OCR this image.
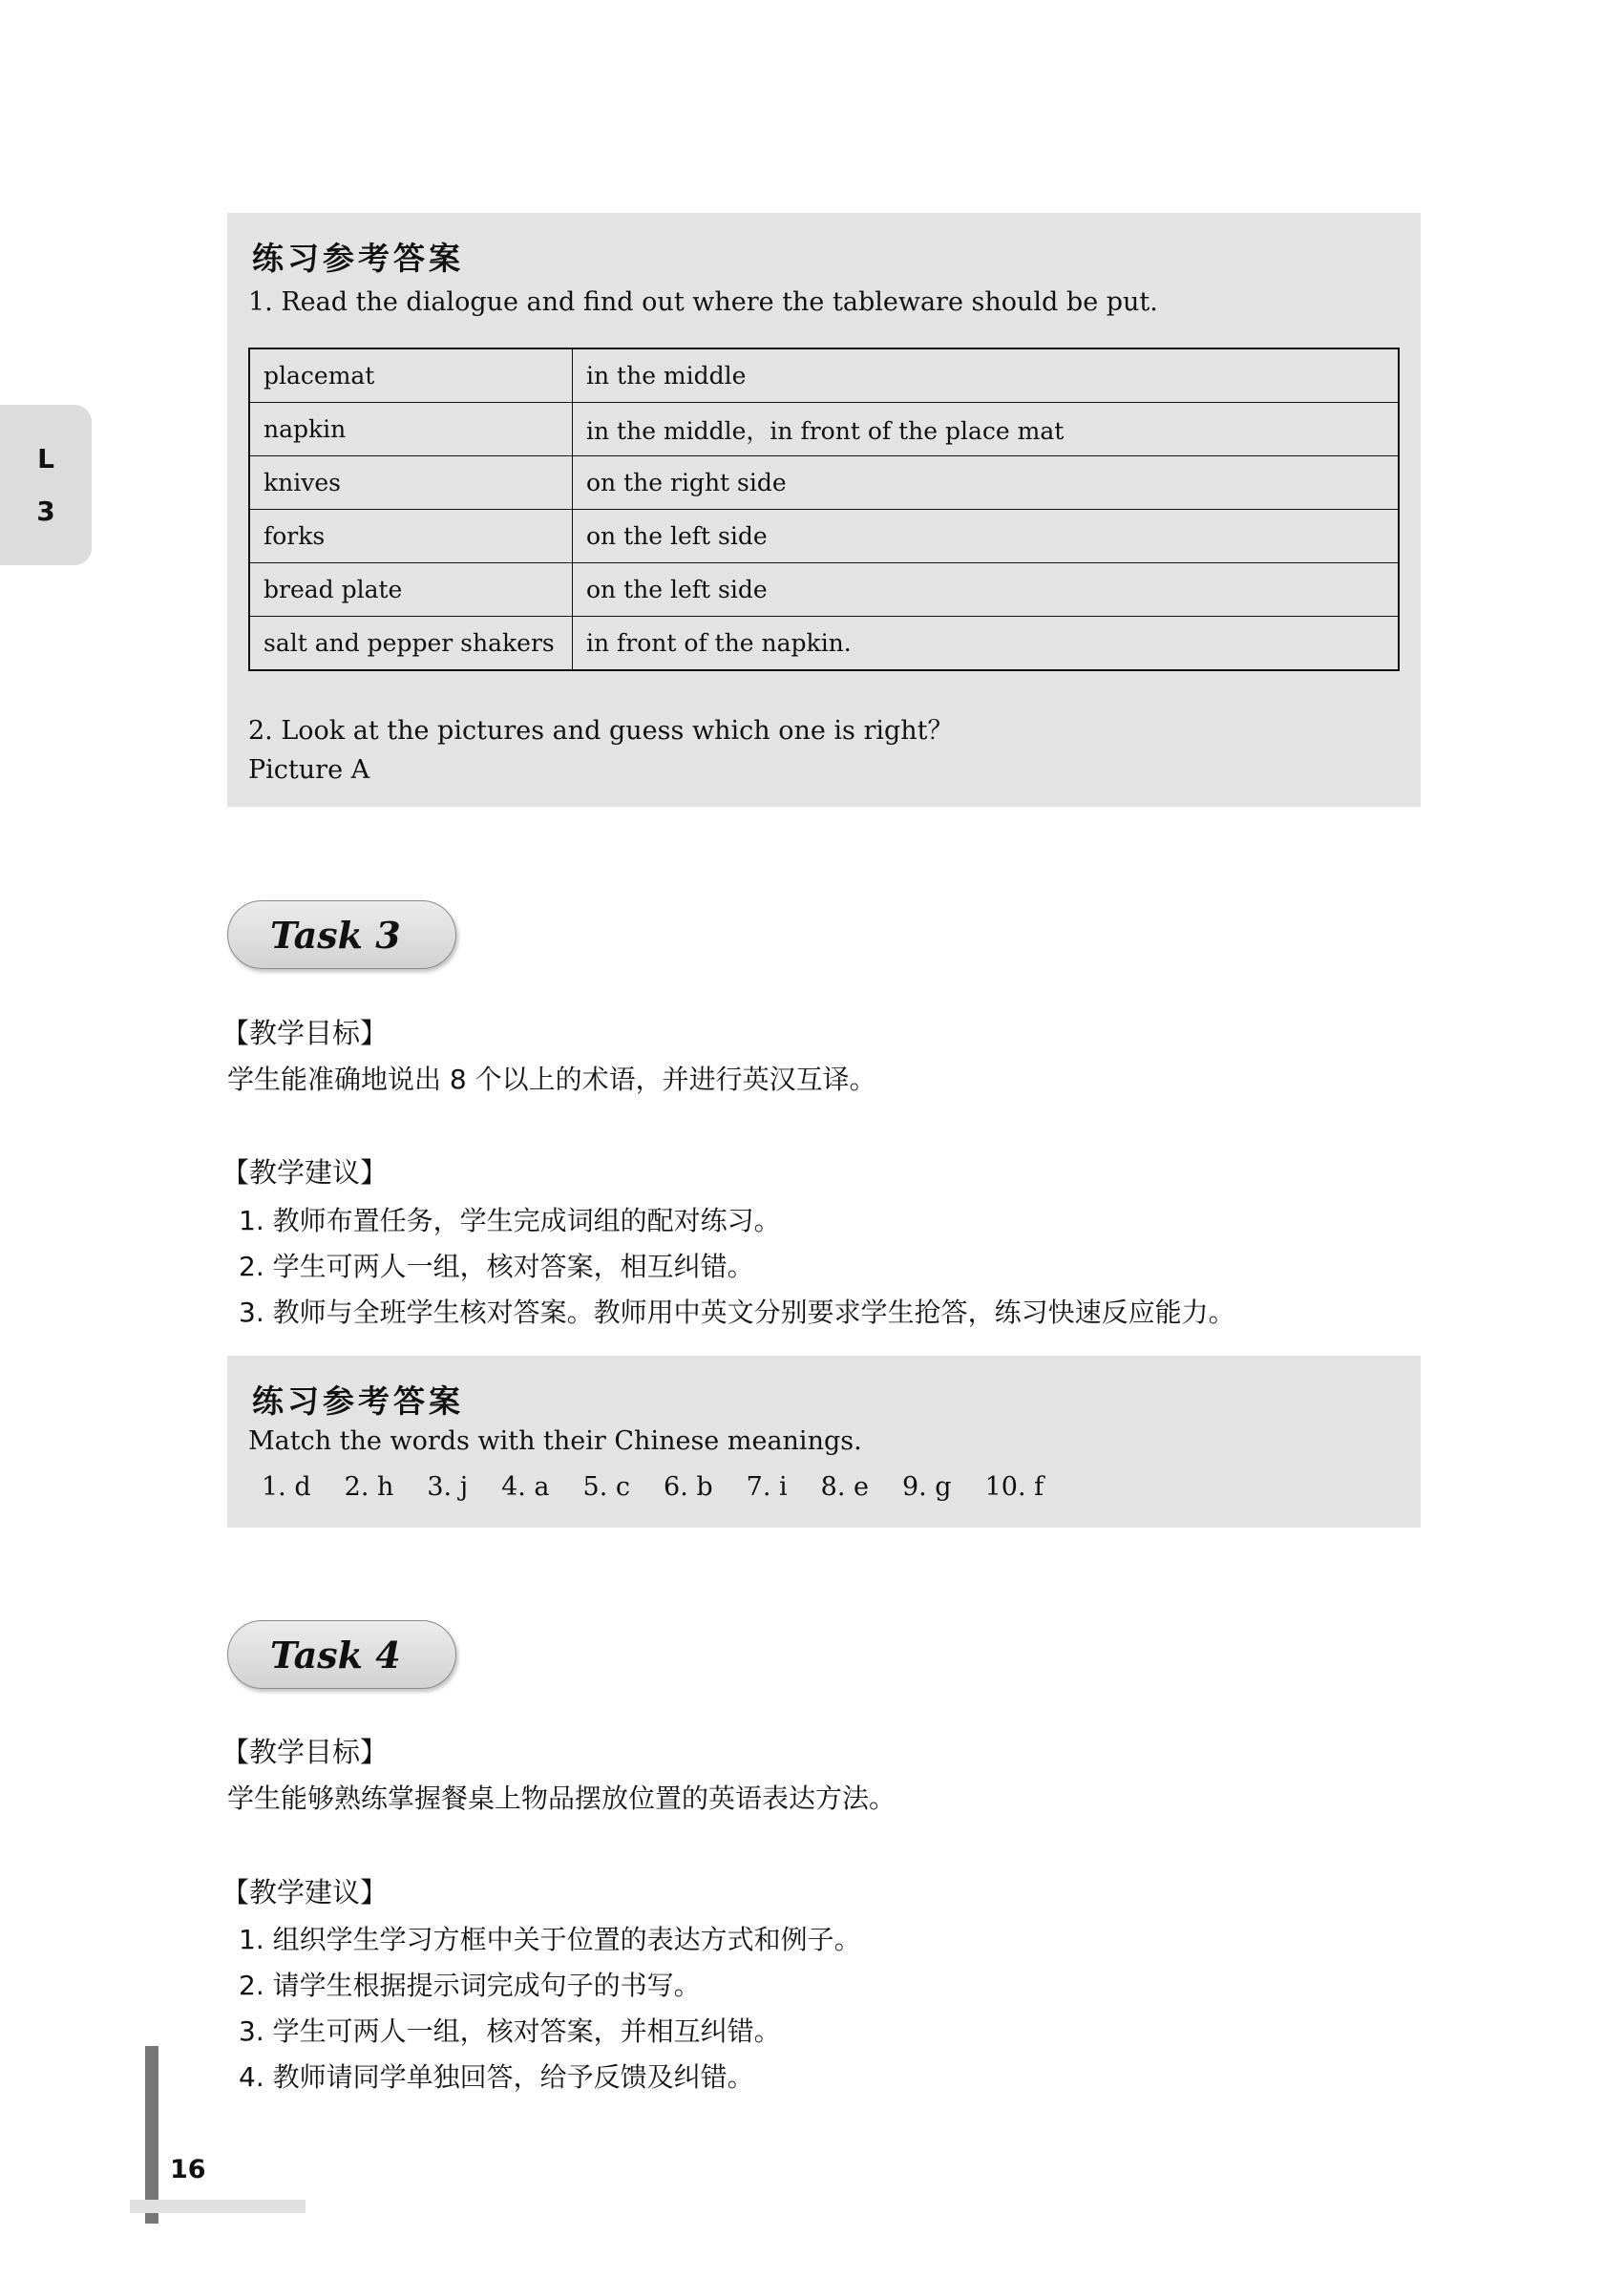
L
3
练习参考答案
1. Read the dialogue and find out where the tableware should be put.
placemat	in the middle
napkin	in the middle，in front of the place mat
knives	on the right side
forks	on the left side
bread plate	on the left side
salt and pepper shakers	in front of the napkin.
2. Look at the pictures and guess which one is right？
Picture A
Task 3
【教学目标】
学生能准确地说出 8 个以上的术语，并进行英汉互译。
【教学建议】
1. 教师布置任务，学生完成词组的配对练习。
2. 学生可两人一组，核对答案，相互纠错。
3. 教师与全班学生核对答案。教师用中英文分别要求学生抢答，练习快速反应能力。
练习参考答案
Match the words with their Chinese meanings.
1. d 2. h 3. j 4. a 5. c 6. b 7. i 8. e 9. g 10. f
Task 4
【教学目标】
学生能够熟练掌握餐桌上物品摆放位置的英语表达方法。
【教学建议】
1. 组织学生学习方框中关于位置的表达方式和例子。
2. 请学生根据提示词完成句子的书写。
3. 学生可两人一组，核对答案，并相互纠错。
4. 教师请同学单独回答，给予反馈及纠错。
16
